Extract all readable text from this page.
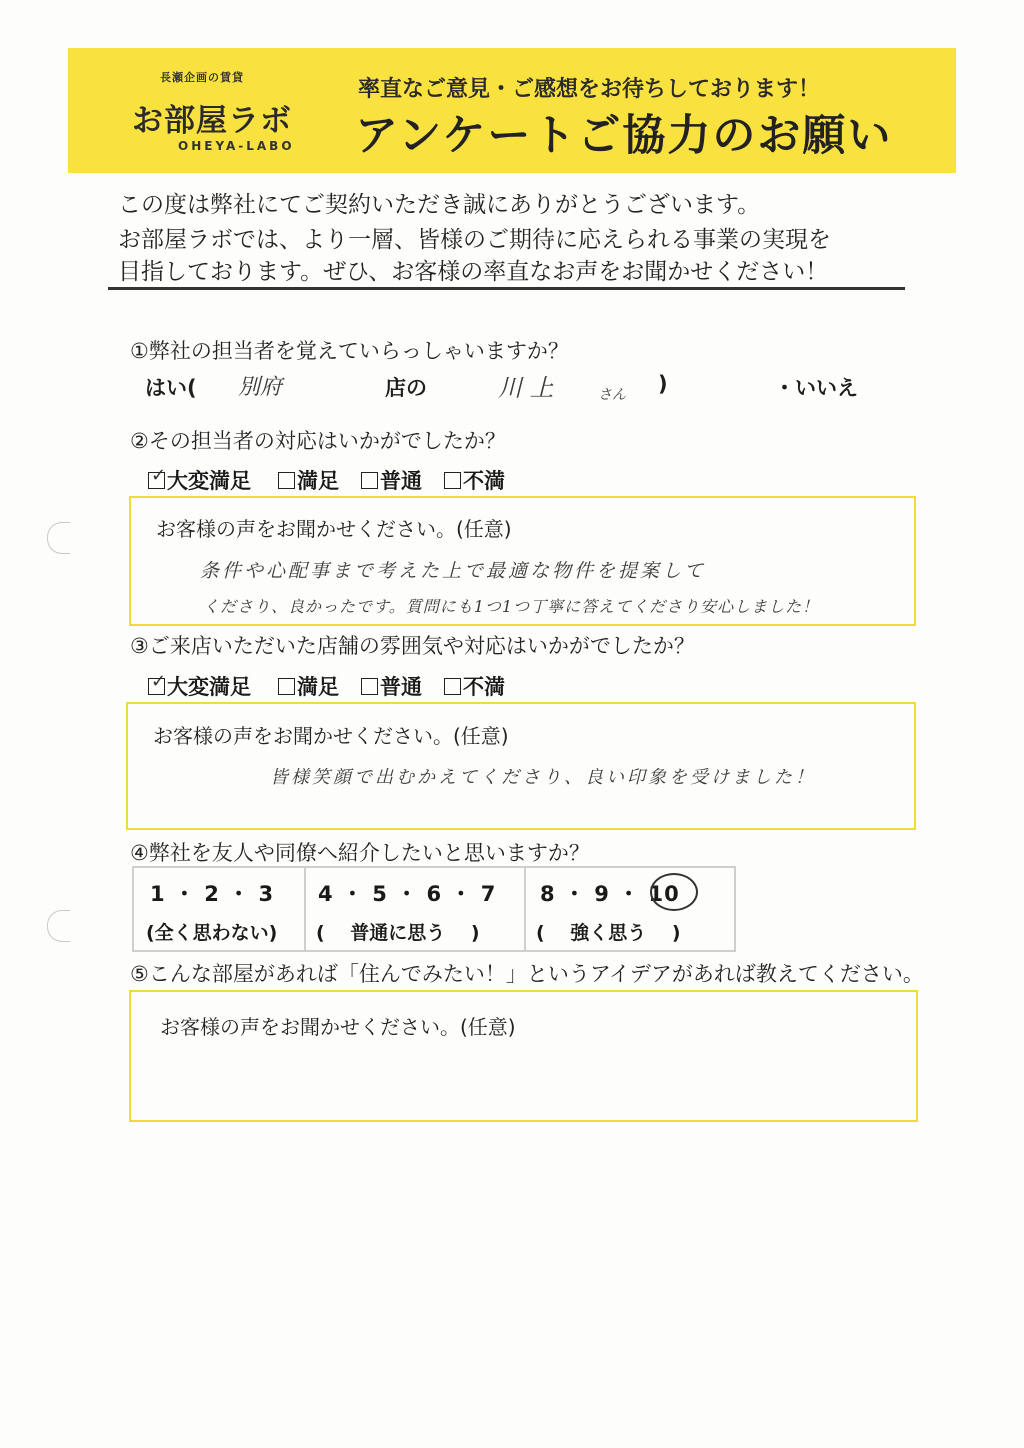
長瀬企画の賃貸
お部屋ラボ
OHEYA-LABO
率直なご意見・ご感想をお待ちしております！
アンケートご協力のお願い
この度は弊社にてご契約いただき誠にありがとうございます。
お部屋ラボでは、より一層、皆様のご期待に応えられる事業の実現を
目指しております。ぜひ、お客様の率直なお声をお聞かせください！
①弊社の担当者を覚えていらっしゃいますか？
はい( 別府	店の	川 上	さん )	・いいえ
②その担当者の対応はいかがでしたか？
✓ 大変満足	満足	普通	不満
お客様の声をお聞かせください。(任意)
条件や心配事まで考えた上で最適な物件を提案して
くださり、良かったです。質問にも1つ1つ丁寧に答えてくださり安心しました！
③ご来店いただいた店舗の雰囲気や対応はいかがでしたか？
✓ 大変満足	満足	普通	不満
お客様の声をお聞かせください。(任意)
皆様笑顔で出むかえてくださり、良い印象を受けました！
④弊社を友人や同僚へ紹介したいと思いますか？
1 ・ 2 ・ 3
(全く思わない)
4 ・ 5 ・ 6 ・ 7
(　 普通に思う　 )
8 ・ 9 ・ 10
(　 強く思う　 )
⑤こんな部屋があれば「住んでみたい！」というアイデアがあれば教えてください。
お客様の声をお聞かせください。(任意)
